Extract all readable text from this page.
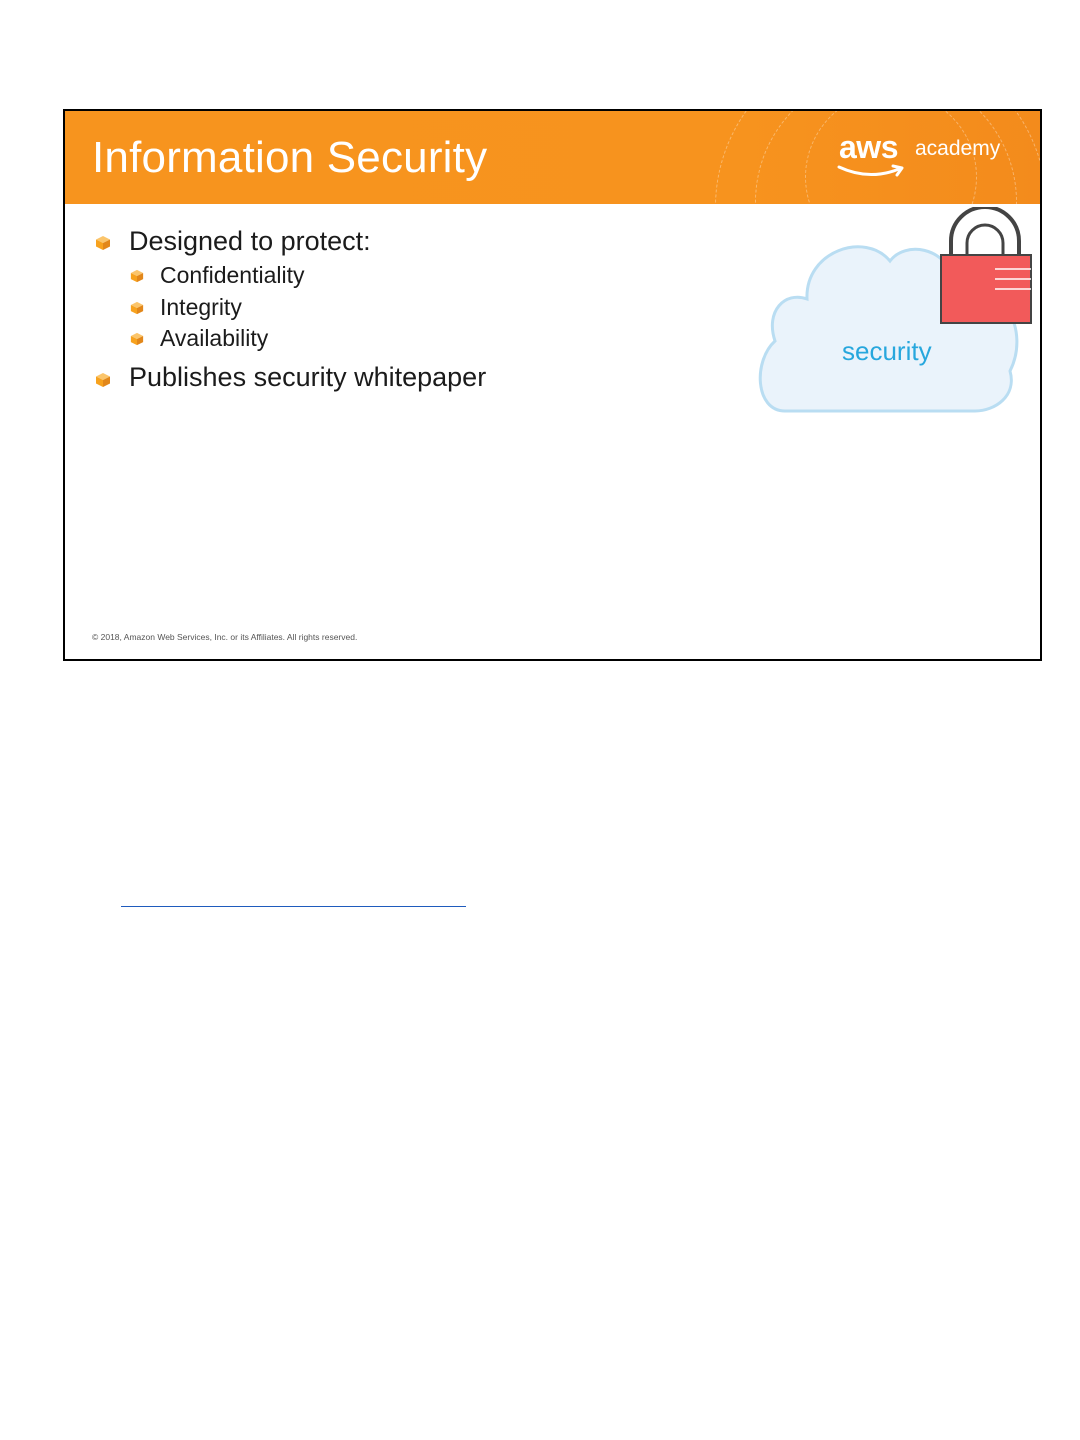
Information Security	aws academy
Designed to protect:
Confidentiality
Integrity
Availability
Publishes security whitepaper
security
© 2018, Amazon Web Services, Inc. or its Affiliates. All rights reserved.
